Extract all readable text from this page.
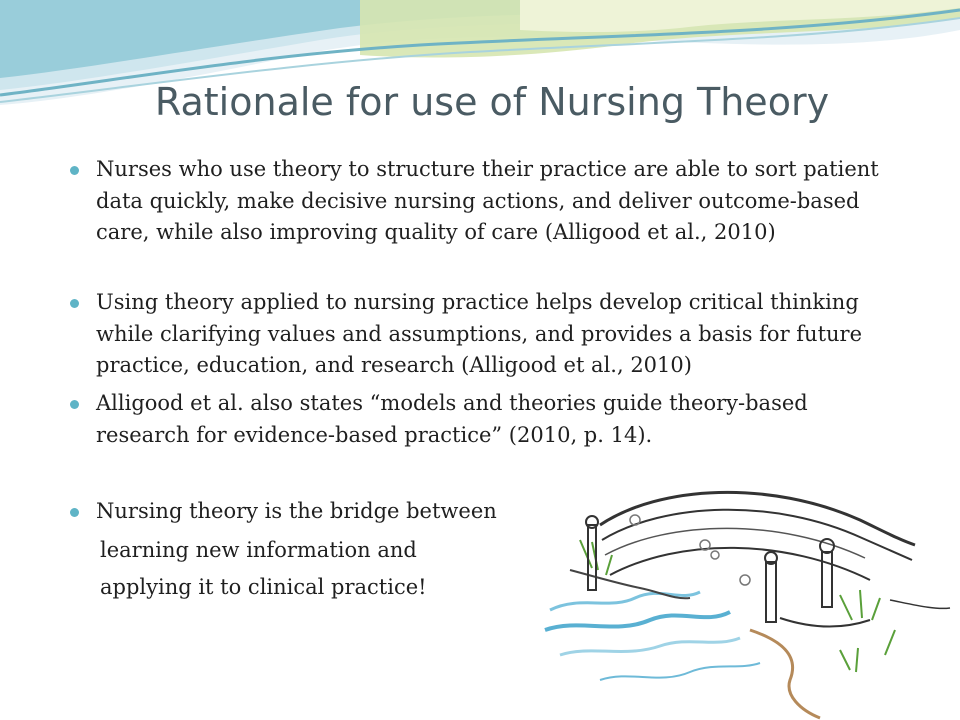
Rationale for use of Nursing Theory
Nurses who use theory to structure their practice are able to sort patient data quickly, make decisive nursing actions, and deliver outcome-based care, while also improving quality of care (Alligood et al., 2010)
Using theory applied to nursing practice helps develop critical thinking while clarifying values and assumptions, and provides a basis for future practice, education, and research (Alligood et al., 2010)
Alligood et al. also states “models and theories guide theory-based research for evidence-based practice” (2010, p. 14).
Nursing theory is the bridge between
learning new information and
applying it to clinical practice!
